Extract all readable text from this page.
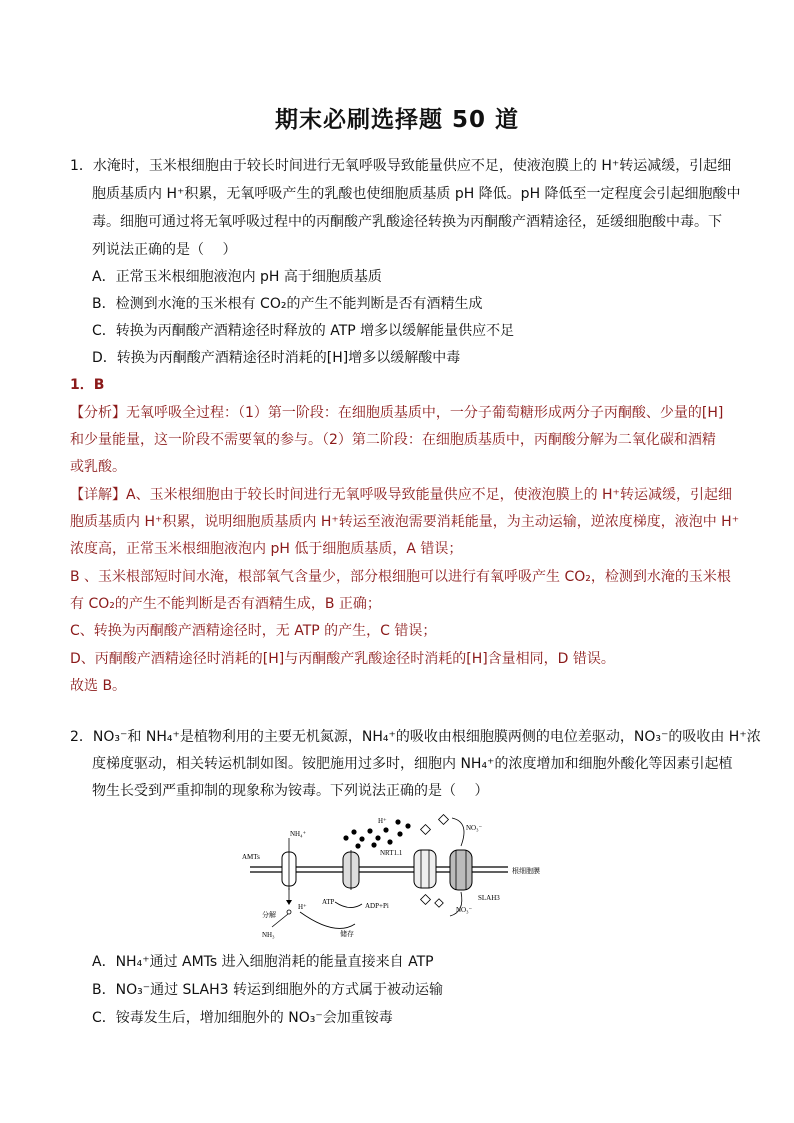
期末必刷选择题 50 道
1．水淹时，玉米根细胞由于较长时间进行无氧呼吸导致能量供应不足，使液泡膜上的 H⁺转运减缓，引起细
胞质基质内 H⁺积累，无氧呼吸产生的乳酸也使细胞质基质 pH 降低。pH 降低至一定程度会引起细胞酸中
毒。细胞可通过将无氧呼吸过程中的丙酮酸产乳酸途径转换为丙酮酸产酒精途径，延缓细胞酸中毒。下
列说法正确的是（　 ）
A．正常玉米根细胞液泡内 pH 高于细胞质基质
B．检测到水淹的玉米根有 CO₂的产生不能判断是否有酒精生成
C．转换为丙酮酸产酒精途径时释放的 ATP 增多以缓解能量供应不足
D．转换为丙酮酸产酒精途径时消耗的[H]增多以缓解酸中毒
1．B
【分析】无氧呼吸全过程：（1）第一阶段：在细胞质基质中，一分子葡萄糖形成两分子丙酮酸、少量的[H]
和少量能量，这一阶段不需要氧的参与。（2）第二阶段：在细胞质基质中，丙酮酸分解为二氧化碳和酒精
或乳酸。
【详解】A、玉米根细胞由于较长时间进行无氧呼吸导致能量供应不足，使液泡膜上的 H⁺转运减缓，引起细
胞质基质内 H⁺积累，说明细胞质基质内 H⁺转运至液泡需要消耗能量，为主动运输，逆浓度梯度，液泡中 H⁺
浓度高，正常玉米根细胞液泡内 pH 低于细胞质基质，A 错误；
B 、玉米根部短时间水淹，根部氧气含量少，部分根细胞可以进行有氧呼吸产生 CO₂，检测到水淹的玉米根
有 CO₂的产生不能判断是否有酒精生成，B 正确；
C、转换为丙酮酸产酒精途径时，无 ATP 的产生，C 错误；
D、丙酮酸产酒精途径时消耗的[H]与丙酮酸产乳酸途径时消耗的[H]含量相同，D 错误。
故选 B。
2．NO₃⁻和 NH₄⁺是植物利用的主要无机氮源，NH₄⁺的吸收由根细胞膜两侧的电位差驱动，NO₃⁻的吸收由 H⁺浓
度梯度驱动，相关转运机制如图。铵肥施用过多时，细胞内 NH₄⁺的浓度增加和细胞外酸化等因素引起植
物生长受到严重抑制的现象称为铵毒。下列说法正确的是（　 ）
根细胞膜
AMTs
NH₄⁺
分解
H⁺
NH₃
ATP	ADP+Pi
储存
H⁺
NRT1.1
SLAH3
NO₃⁻
NO₃⁻
A．NH₄⁺通过 AMTs 进入细胞消耗的能量直接来自 ATP
B．NO₃⁻通过 SLAH3 转运到细胞外的方式属于被动运输
C．铵毒发生后，增加细胞外的 NO₃⁻会加重铵毒
